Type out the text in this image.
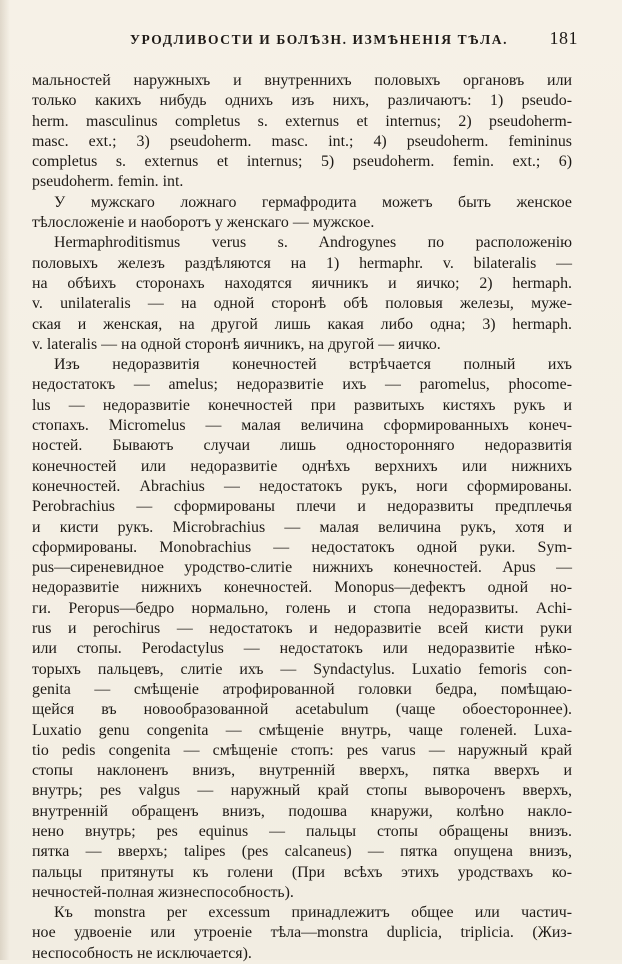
УРОДЛИВОСТИ И БОЛѢЗН. ИЗМѢНЕНІЯ ТѢЛА. 181
мальностей наружныхъ и внутреннихъ половыхъ органовъ или
только какихъ нибудь однихъ изъ нихъ, различаютъ: 1) pseudo-
herm. masculinus completus s. externus et internus; 2) pseudoherm-
masc. ext.; 3) pseudoherm. masc. int.; 4) pseudoherm. femininus
completus s. externus et internus; 5) pseudoherm. femin. ext.; 6)
pseudoherm. femin. int.
У мужскаго ложнаго гермафродита можетъ быть женское
тѣлосложеніе и наоборотъ у женскаго — мужское.
Hermaphroditismus verus s. Androgynes по расположенію
половыхъ железъ раздѣляются на 1) hermaphr. v. bilateralis —
на обѣихъ сторонахъ находятся яичникъ и яичко; 2) hermaph.
v. unilateralis — на одной сторонѣ обѣ половыя железы, муже-
ская и женская, на другой лишь какая либо одна; 3) hermaph.
v. lateralis — на одной сторонѣ яичникъ, на другой — яичко.
Изъ недоразвитія конечностей встрѣчается полный ихъ
недостатокъ — amelus; недоразвитіе ихъ — paromelus, phocome-
lus — недоразвитіе конечностей при развитыхъ кистяхъ рукъ и
стопахъ. Micromelus — малая величина сформированныхъ конеч-
ностей. Бываютъ случаи лишь односторонняго недоразвитія
конечностей или недоразвитіе однѣхъ верхнихъ или нижнихъ
конечностей. Abrachius — недостатокъ рукъ, ноги сформированы.
Perobrachius — сформированы плечи и недоразвиты предплечья
и кисти рукъ. Microbrachius — малая величина рукъ, хотя и
сформированы. Monobrachius — недостатокъ одной руки. Sym-
pus—сиреневидное уродство-слитіе нижнихъ конечностей. Apus —
недоразвитіе нижнихъ конечностей. Monopus—дефектъ одной но-
ги. Peropus—бедро нормально, голень и стопа недоразвиты. Achi-
rus и perochirus — недостатокъ и недоразвитіе всей кисти руки
или стопы. Perodactylus — недостатокъ или недоразвитіе нѣко-
торыхъ пальцевъ, слитіе ихъ — Syndactylus. Luxatio femoris con-
genita — смѣщеніе атрофированной головки бедра, помѣщаю-
щейся въ новообразованной acetabulum (чаще обоестороннее).
Luxatio genu congenita — смѣщеніе внутрь, чаще голеней. Luxa-
tio pedis congenita — смѣщеніе стопъ: pes varus — наружный край
стопы наклоненъ внизъ, внутренній вверхъ, пятка вверхъ и
внутрь; pes valgus — наружный край стопы вывороченъ вверхъ,
внутренній обращенъ внизъ, подошва кнаружи, колѣно накло-
нено внутрь; pes equinus — пальцы стопы обращены внизъ.
пятка — вверхъ; talipes (pes calcaneus) — пятка опущена внизъ,
пальцы притянуты къ голени (При всѣхъ этихъ уродствахъ ко-
нечностей-полная жизнеспособность).
Къ monstra per excessum принадлежитъ общее или частич-
ное удвоеніе или утроеніе тѣла—monstra duplicia, triplicia. (Жиз-
неспособность не исключается).
